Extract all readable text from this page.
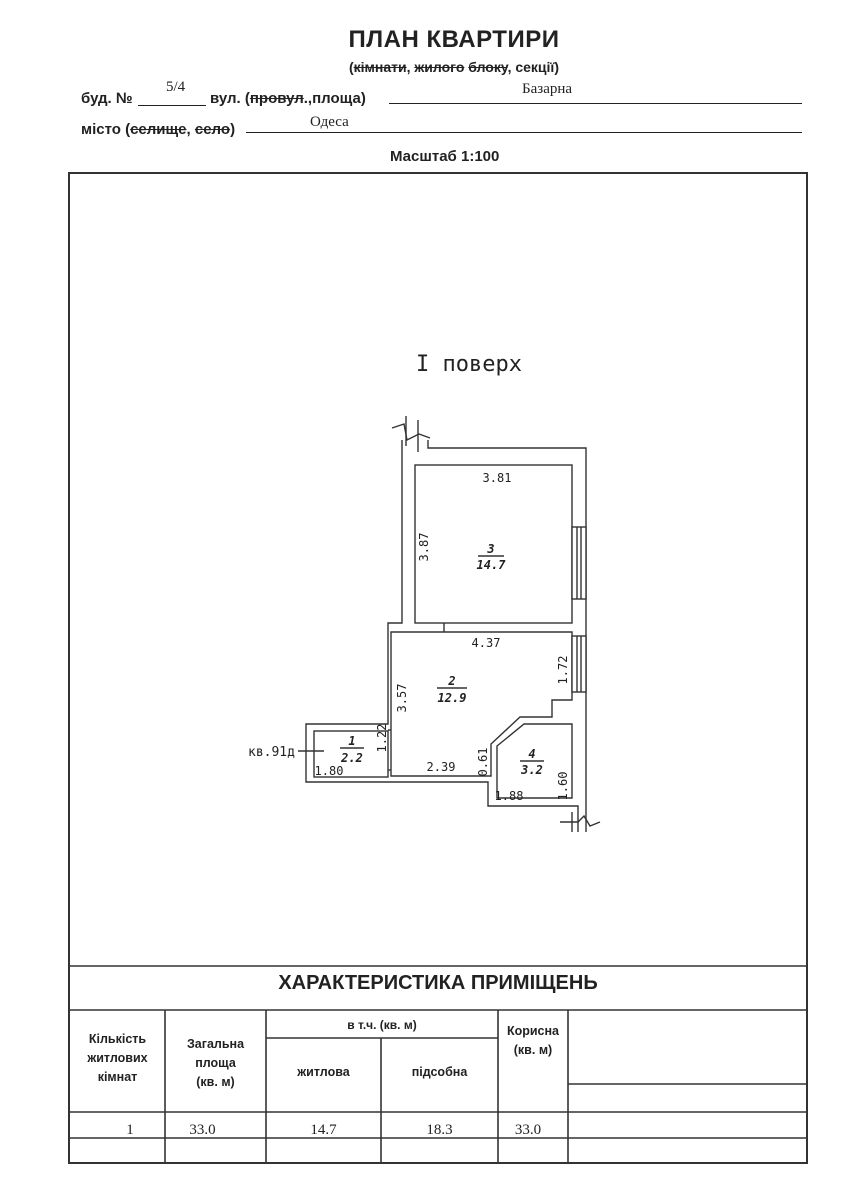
ПЛАН КВАРТИРИ
(кімнати, жилого блоку, секції)
буд. №
5/4
вул. (провул.,площа)
Базарна
місто (селище, село)	Одеса
Масштаб 1:100
I поверх
кв.91д
3
14.7
2
12.9
1
2.2	4
3.2
3.81
3.87
4.37
3.57
1.72
2.39
1.80
1.22
0.61
1.88	1.60
ХАРАКТЕРИСТИКА ПРИМІЩЕНЬ
Кількість
житлових
кімнат
Загальна
площа
(кв. м)
в т.ч. (кв. м)
житлова	підсобна
Корисна
(кв. м)
1	33.0	14.7	18.3	33.0
